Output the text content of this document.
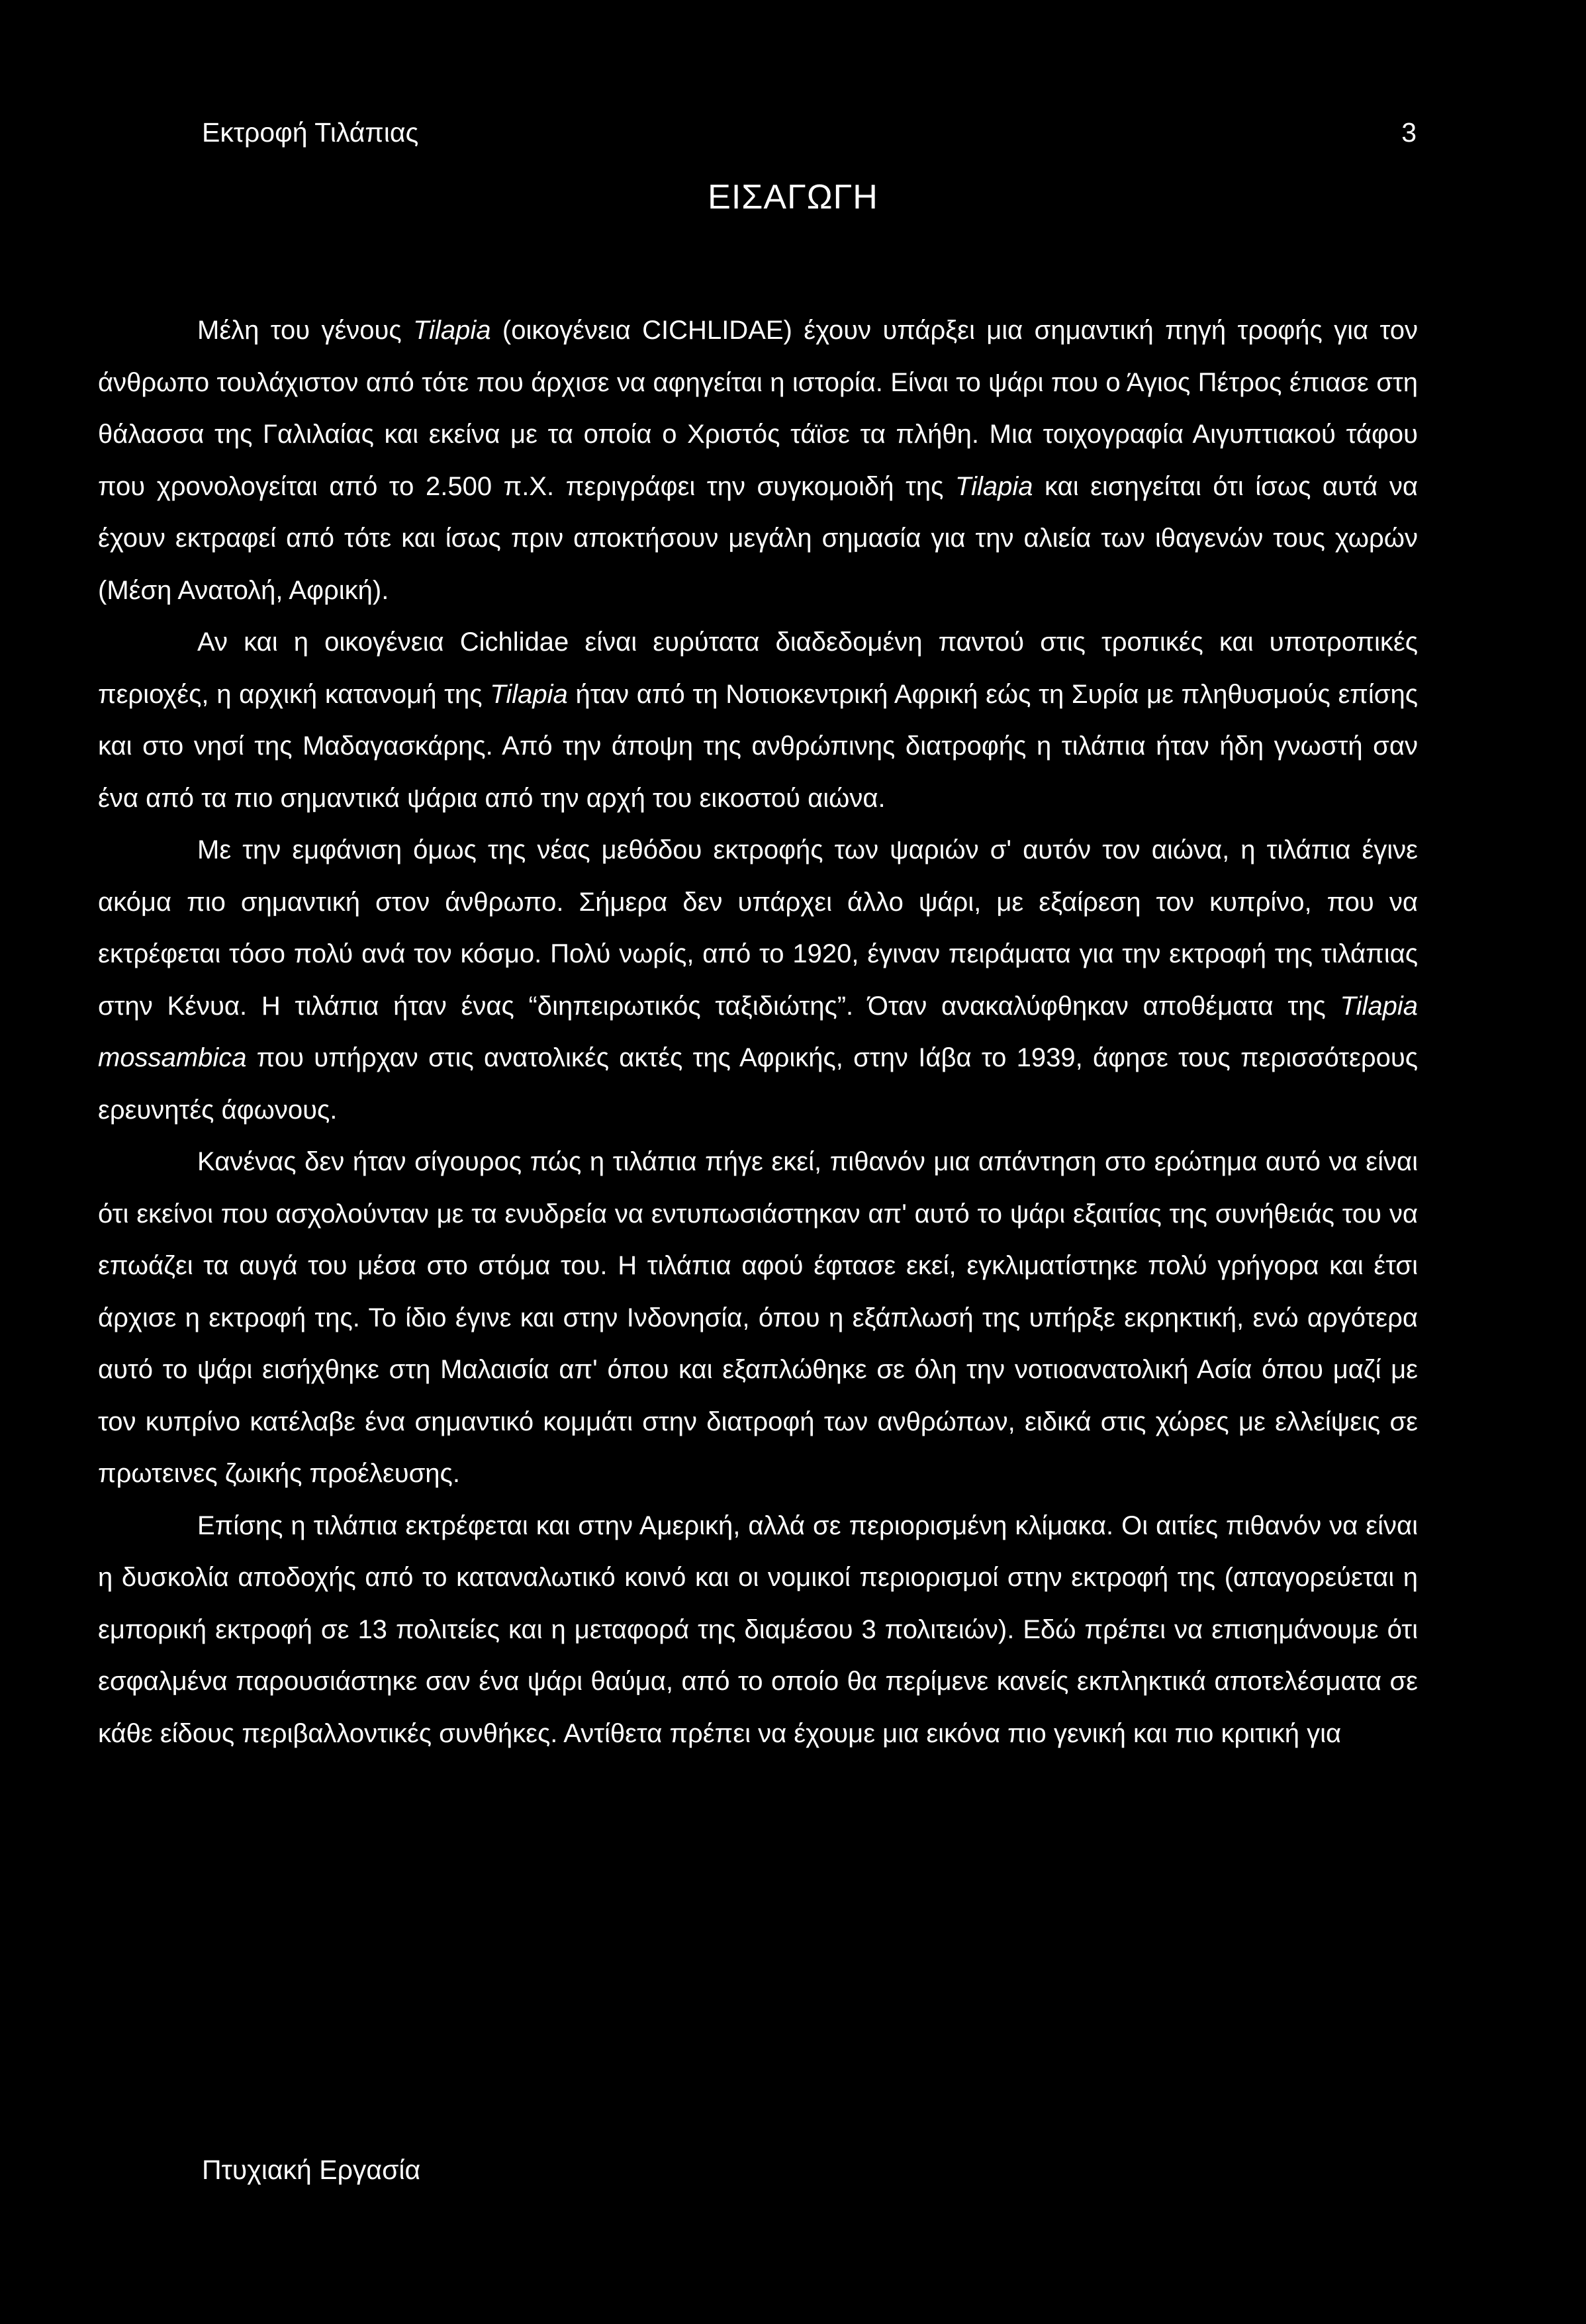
Εκτροφή Τιλάπιας	3
ΕΙΣΑΓΩΓΗ

Μέλη του γένους Tilapia (οικογένεια CICHLIDAE) έχουν υπάρξει μια σημαντική πηγή τροφής για τον άνθρωπο τουλάχιστον από τότε που άρχισε να αφηγείται η ιστορία. Είναι το ψάρι που ο Άγιος Πέτρος έπιασε στη θάλασσα της Γαλιλαίας και εκείνα με τα οποία ο Χριστός τάϊσε τα πλήθη. Μια τοιχογραφία Αιγυπτιακού τάφου που χρονολογείται από το 2.500 π.Χ. περιγράφει την συγκομοιδή της Tilapia και εισηγείται ότι ίσως αυτά να έχουν εκτραφεί από τότε και ίσως πριν αποκτήσουν μεγάλη σημασία για την αλιεία των ιθαγενών τους χωρών (Μέση Ανατολή, Αφρική).

Αν και η οικογένεια Cichlidae είναι ευρύτατα διαδεδομένη παντού στις τροπικές και υποτροπικές περιοχές, η αρχική κατανομή της Tilapia ήταν από τη Νοτιοκεντρική Αφρική εώς τη Συρία με πληθυσμούς επίσης και στο νησί της Μαδαγασκάρης. Από την άποψη της ανθρώπινης διατροφής η τιλάπια ήταν ήδη γνωστή σαν ένα από τα πιο σημαντικά ψάρια από την αρχή του εικοστού αιώνα.

Με την εμφάνιση όμως της νέας μεθόδου εκτροφής των ψαριών σ' αυτόν τον αιώνα, η τιλάπια έγινε ακόμα πιο σημαντική στον άνθρωπο. Σήμερα δεν υπάρχει άλλο ψάρι, με εξαίρεση τον κυπρίνο, που να εκτρέφεται τόσο πολύ ανά τον κόσμο. Πολύ νωρίς, από το 1920, έγιναν πειράματα για την εκτροφή της τιλάπιας στην Κένυα. Η τιλάπια ήταν ένας “διηπειρωτικός ταξιδιώτης”. Όταν ανακαλύφθηκαν αποθέματα της Tilapia mossambica που υπήρχαν στις ανατολικές ακτές της Αφρικής, στην Ιάβα το 1939, άφησε τους περισσότερους ερευνητές άφωνους.

Κανένας δεν ήταν σίγουρος πώς η τιλάπια πήγε εκεί, πιθανόν μια απάντηση στο ερώτημα αυτό να είναι ότι εκείνοι που ασχολούνταν με τα ενυδρεία να εντυπωσιάστηκαν απ' αυτό το ψάρι εξαιτίας της συνήθειάς του να επωάζει τα αυγά του μέσα στο στόμα του. Η τιλάπια αφού έφτασε εκεί, εγκλιματίστηκε πολύ γρήγορα και έτσι άρχισε η εκτροφή της. Το ίδιο έγινε και στην Ινδονησία, όπου η εξάπλωσή της υπήρξε εκρηκτική, ενώ αργότερα αυτό το ψάρι εισήχθηκε στη Μαλαισία απ' όπου και εξαπλώθηκε σε όλη την νοτιοανατολική Ασία όπου μαζί με τον κυπρίνο κατέλαβε ένα σημαντικό κομμάτι στην διατροφή των ανθρώπων, ειδικά στις χώρες με ελλείψεις σε πρωτεινες ζωικής προέλευσης.

Επίσης η τιλάπια εκτρέφεται και στην Αμερική, αλλά σε περιορισμένη κλίμακα. Οι αιτίες πιθανόν να είναι η δυσκολία αποδοχής από το καταναλωτικό κοινό και οι νομικοί περιορισμοί στην εκτροφή της (απαγορεύεται η εμπορική εκτροφή σε 13 πολιτείες και η μεταφορά της διαμέσου 3 πολιτειών). Εδώ πρέπει να επισημάνουμε ότι εσφαλμένα παρουσιάστηκε σαν ένα ψάρι θαύμα, από το οποίο θα περίμενε κανείς εκπληκτικά αποτελέσματα σε κάθε είδους περιβαλλοντικές συνθήκες. Αντίθετα πρέπει να έχουμε μια εικόνα πιο γενική και πιο κριτική για

Πτυχιακή Εργασία
